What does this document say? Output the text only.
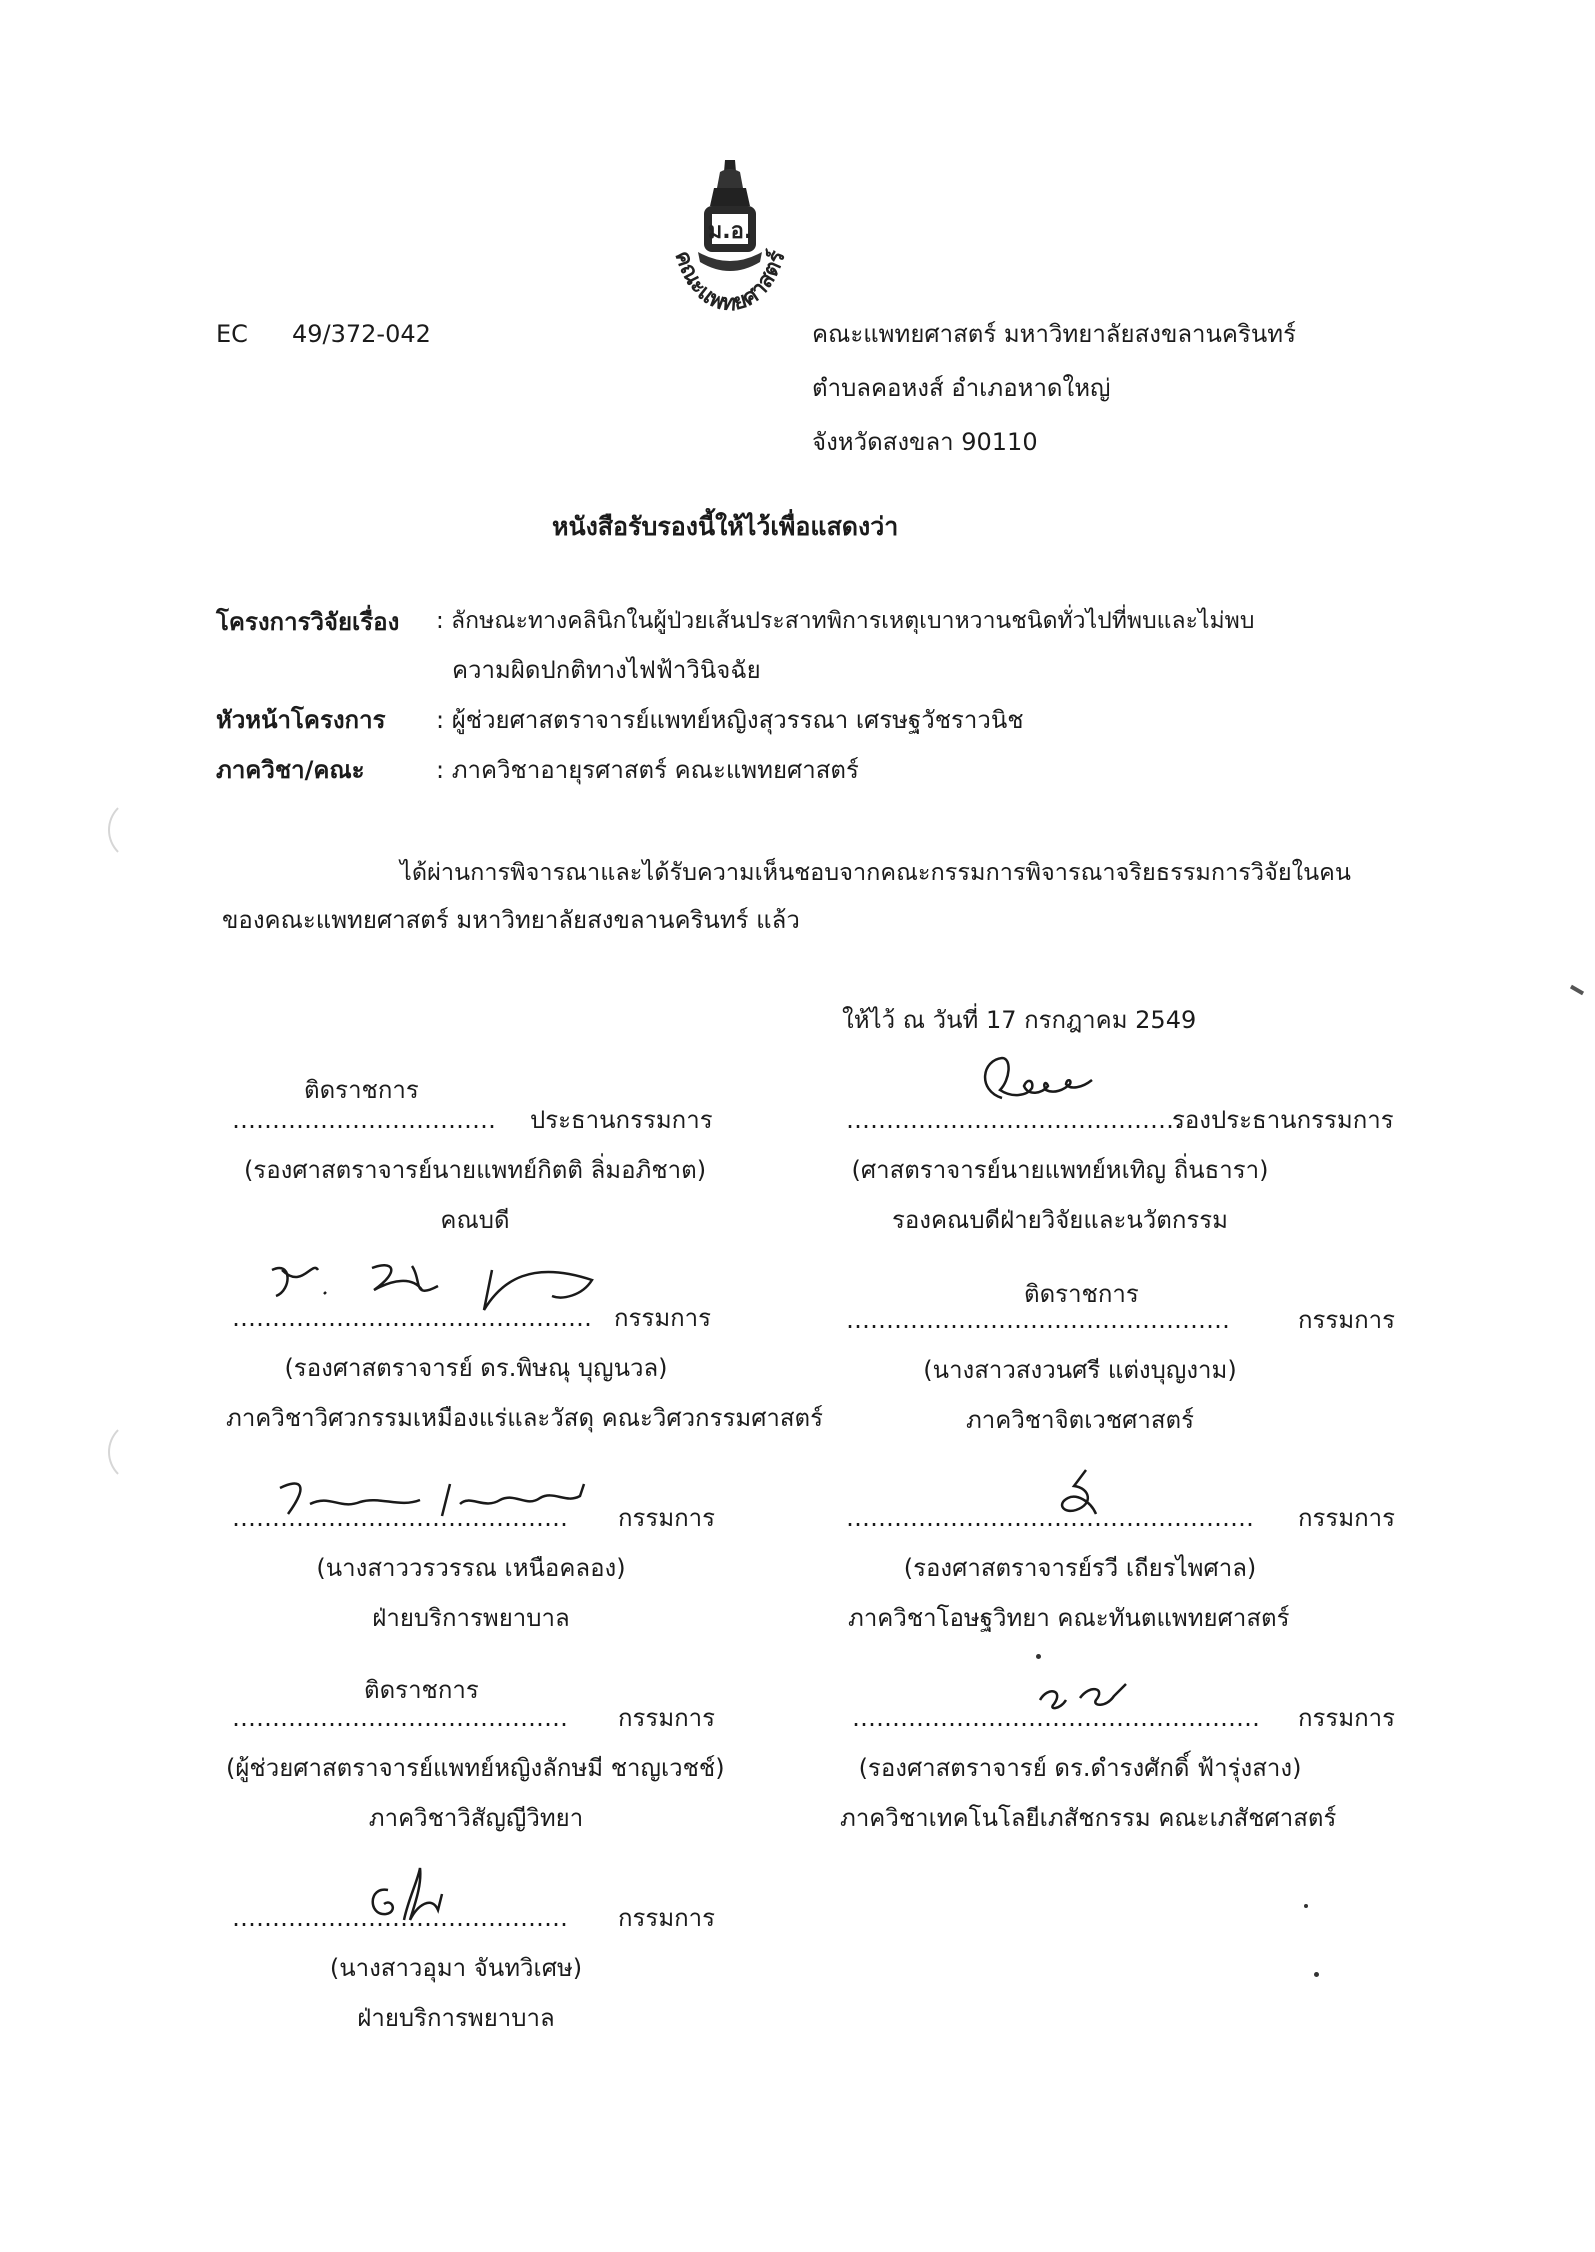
ม.อ.
คณะแพทยศาสตร์
EC 49/372-042	คณะแพทยศาสตร์ มหาวิทยาลัยสงขลานครินทร์
ตำบลคอหงส์ อำเภอหาดใหญ่
จังหวัดสงขลา 90110
หนังสือรับรองนี้ให้ไว้เพื่อแสดงว่า
โครงการวิจัยเรื่อง : ลักษณะทางคลินิกในผู้ป่วยเส้นประสาทพิการเหตุเบาหวานชนิดทั่วไปที่พบและไม่พบ
ความผิดปกติทางไฟฟ้าวินิจฉัย
หัวหน้าโครงการ : ผู้ช่วยศาสตราจารย์แพทย์หญิงสุวรรณา เศรษฐวัชราวนิช
ภาควิชา/คณะ	: ภาควิชาอายุรศาสตร์ คณะแพทยศาสตร์
ได้ผ่านการพิจารณาและได้รับความเห็นชอบจากคณะกรรมการพิจารณาจริยธรรมการวิจัยในคน
ของคณะแพทยศาสตร์ มหาวิทยาลัยสงขลานครินทร์ แล้ว
ให้ไว้ ณ วันที่ 17 กรกฎาคม 2549
ติดราชการ
…………………………… ประธานกรรมการ
(รองศาสตราจารย์นายแพทย์กิตติ ลิ่มอภิชาต)
คณบดี
……………………………………
รองประธานกรรมการ
(ศาสตราจารย์นายแพทย์หเทิญ ถิ่นธารา)
รองคณบดีฝ่ายวิจัยและนวัตกรรม
……………………………………… กรรมการ
(รองศาสตราจารย์ ดร.พิษณุ บุญนวล)
ภาควิชาวิศวกรรมเหมืองแร่และวัสดุ คณะวิศวกรรมศาสตร์
ติดราชการ
…………………………………………	กรรมการ
(นางสาวสงวนศรี แต่งบุญงาม)
ภาควิชาจิตเวชศาสตร์
…………………………………… กรรมการ
(นางสาววรวรรณ เหนือคลอง)
ฝ่ายบริการพยาบาล
…………………………………………… กรรมการ
(รองศาสตราจารย์รวี เถียรไพศาล)
ภาควิชาโอษฐวิทยา คณะทันตแพทยศาสตร์
ติดราชการ
…………………………………… กรรมการ
(ผู้ช่วยศาสตราจารย์แพทย์หญิงลักษมี ชาญเวชช์)
ภาควิชาวิสัญญีวิทยา
…………………………………………… กรรมการ
(รองศาสตราจารย์ ดร.ดำรงศักดิ์ ฟ้ารุ่งสาง)
ภาควิชาเทคโนโลยีเภสัชกรรม คณะเภสัชศาสตร์
…………………………………… กรรมการ
(นางสาวอุมา จันทวิเศษ)
ฝ่ายบริการพยาบาล
